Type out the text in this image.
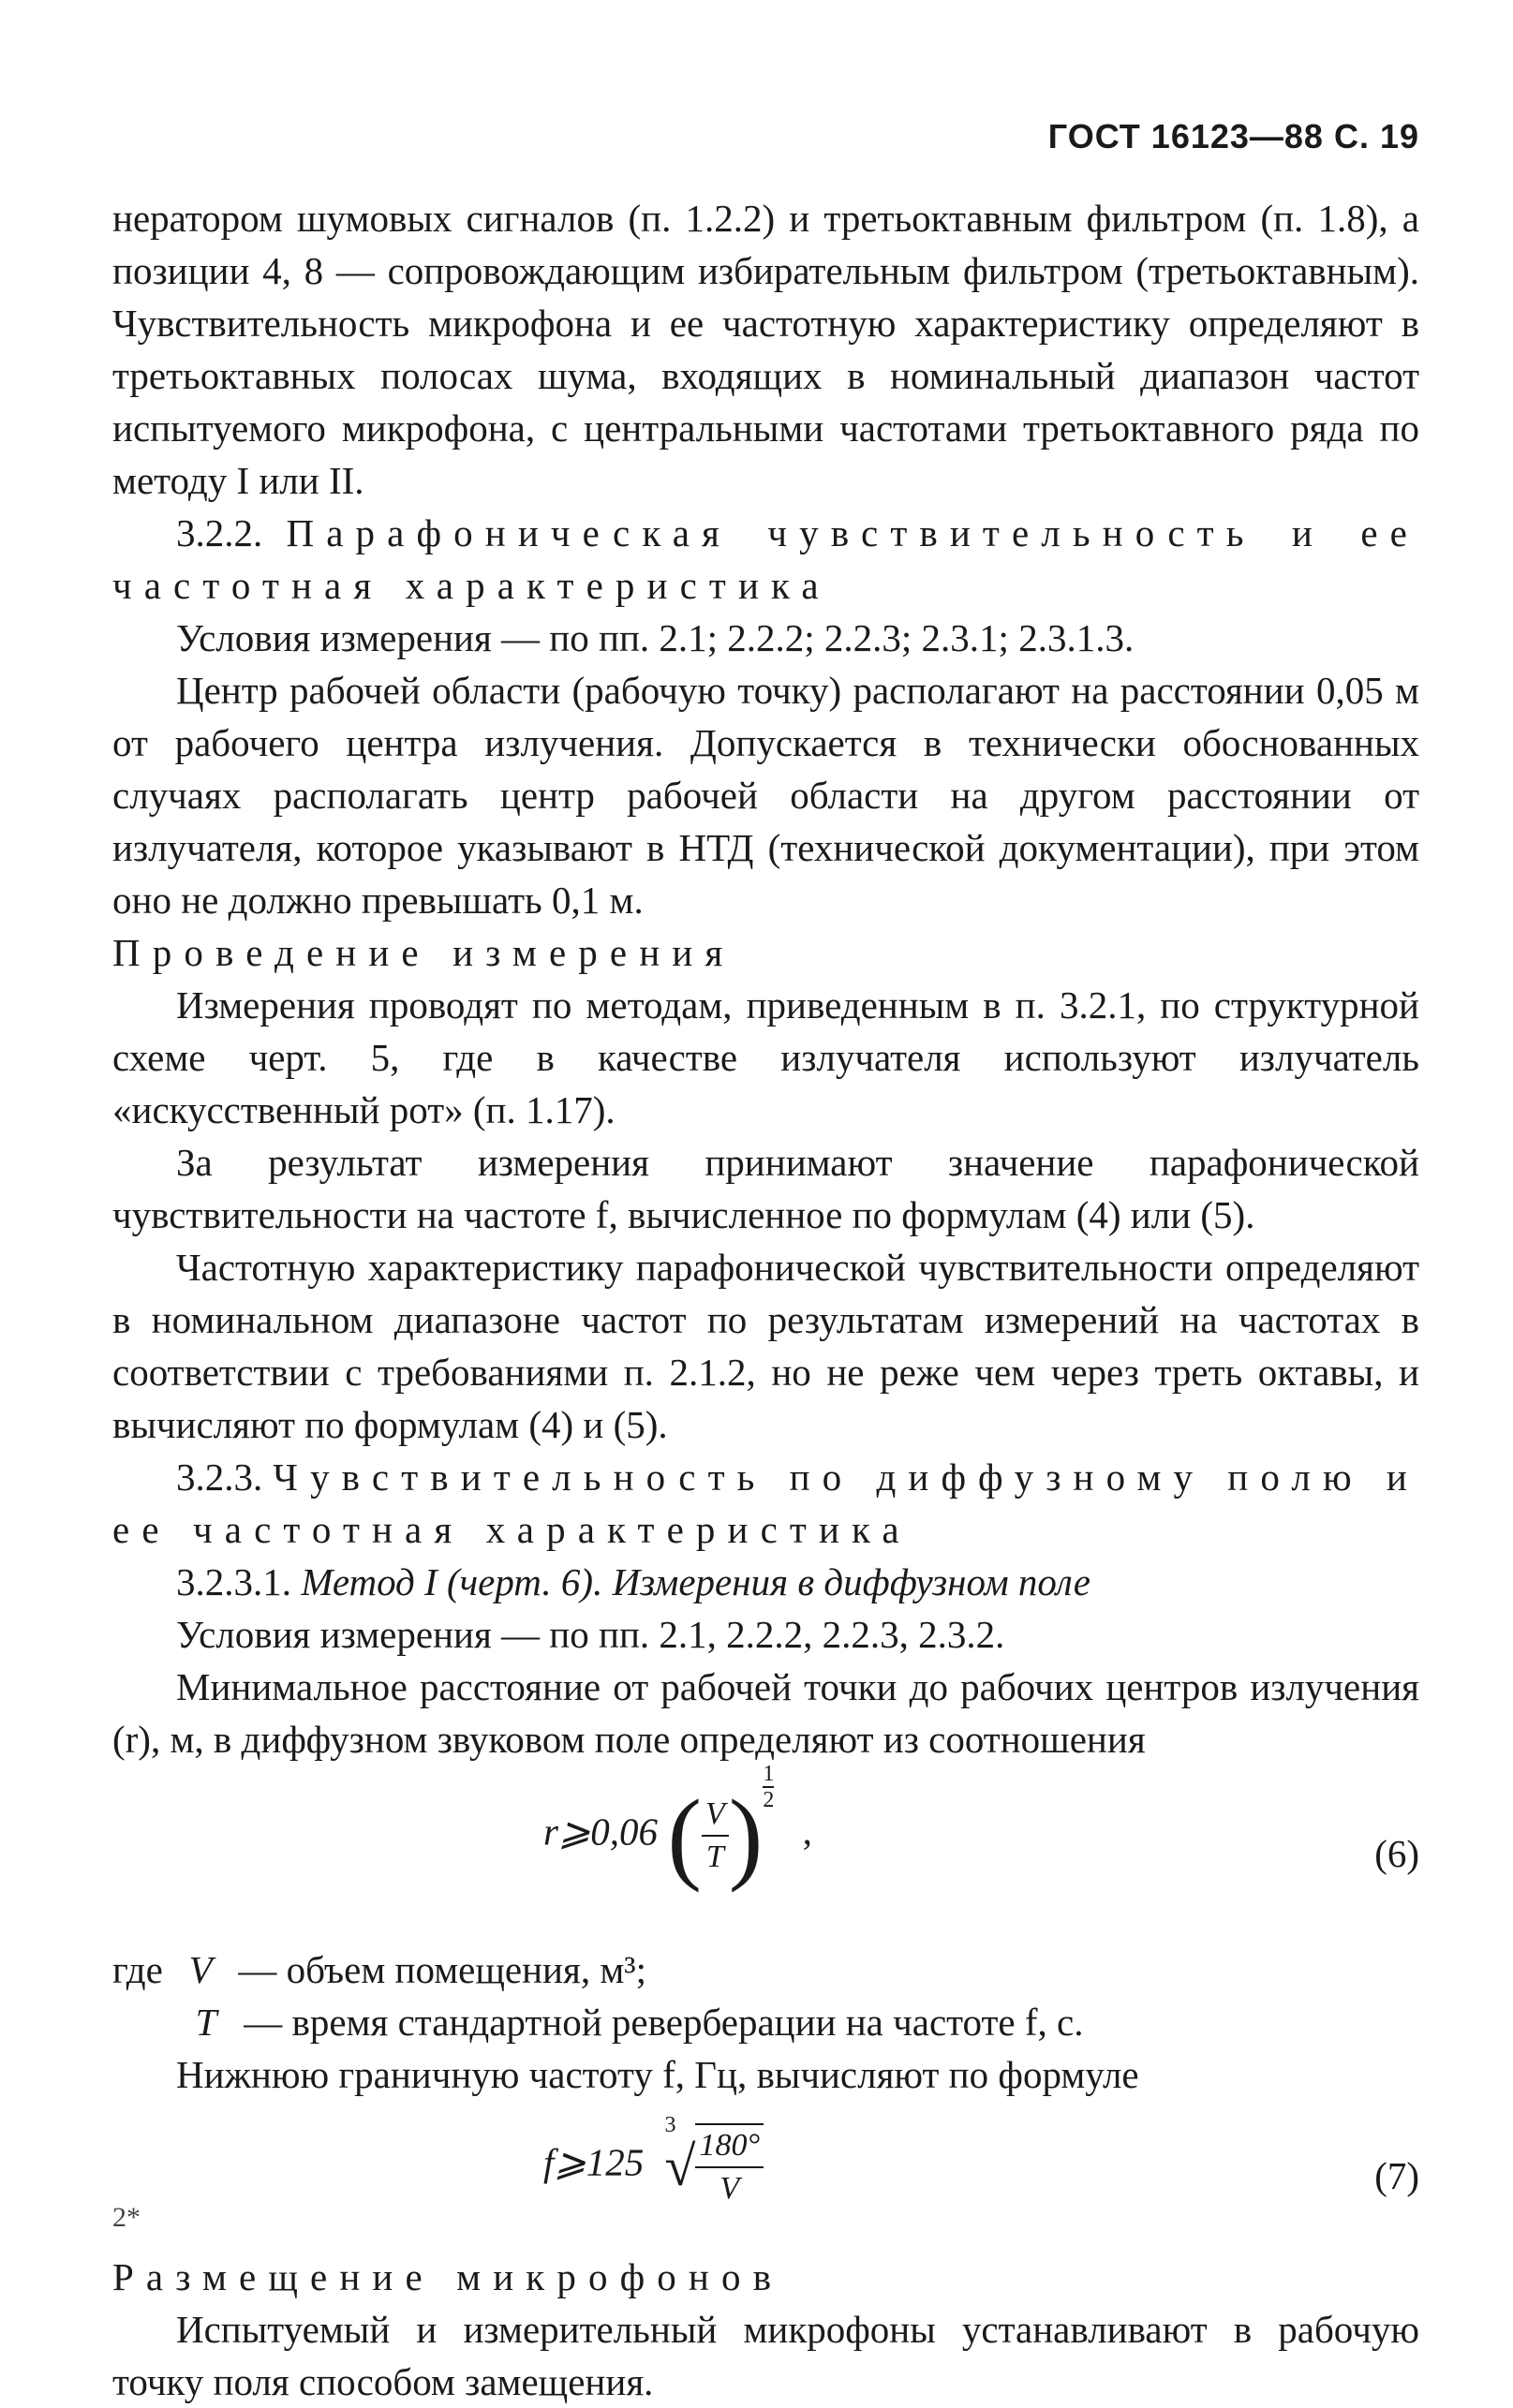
ГОСТ 16123—88 С. 19

нератором шумовых сигналов (п. 1.2.2) и третьоктавным фильтром (п. 1.8), а позиции 4, 8 — сопровождающим избирательным фильтром (третьоктавным). Чувствительность микрофона и ее частотную характеристику определяют в третьоктавных полосах шума, входящих в номинальный диапазон частот испытуемого микрофона, с центральными частотами третьоктавного ряда по методу I или II.

3.2.2. Парафоническая чувствительность и ее частотная характеристика

Условия измерения — по пп. 2.1; 2.2.2; 2.2.3; 2.3.1; 2.3.1.3.

Центр рабочей области (рабочую точку) располагают на расстоянии 0,05 м от рабочего центра излучения. Допускается в технически обоснованных случаях располагать центр рабочей области на другом расстоянии от излучателя, которое указывают в НТД (технической документации), при этом оно не должно превышать 0,1 м.

Проведение измерения

Измерения проводят по методам, приведенным в п. 3.2.1, по структурной схеме черт. 5, где в качестве излучателя используют излучатель «искусственный рот» (п. 1.17).

За результат измерения принимают значение парафонической чувствительности на частоте f, вычисленное по формулам (4) или (5).

Частотную характеристику парафонической чувствительности определяют в номинальном диапазоне частот по результатам измерений на частотах в соответствии с требованиями п. 2.1.2, но не реже чем через треть октавы, и вычисляют по формулам (4) и (5).

3.2.3. Чувствительность по диффузному полю и ее частотная характеристика

3.2.3.1. Метод I (черт. 6). Измерения в диффузном поле

Условия измерения — по пп. 2.1, 2.2.2, 2.2.3, 2.3.2.

Минимальное расстояние от рабочей точки до рабочих центров излучения (r), м, в диффузном звуковом поле определяют из соотношения

r⩾0,06 ( $\frac{V}{T}$ ) $\frac{1}{2}$
,
(6)
где V — объем помещения, м³;
T — время стандартной реверберации на частоте f, с.

Нижнюю граничную частоту f, Гц, вычисляют по формуле

f⩾125
3
√ $\frac{180^\circ}{V}$	(7)

Размещение микрофонов

Испытуемый и измерительный микрофоны устанавливают в рабочую точку поля способом замещения.

2*
